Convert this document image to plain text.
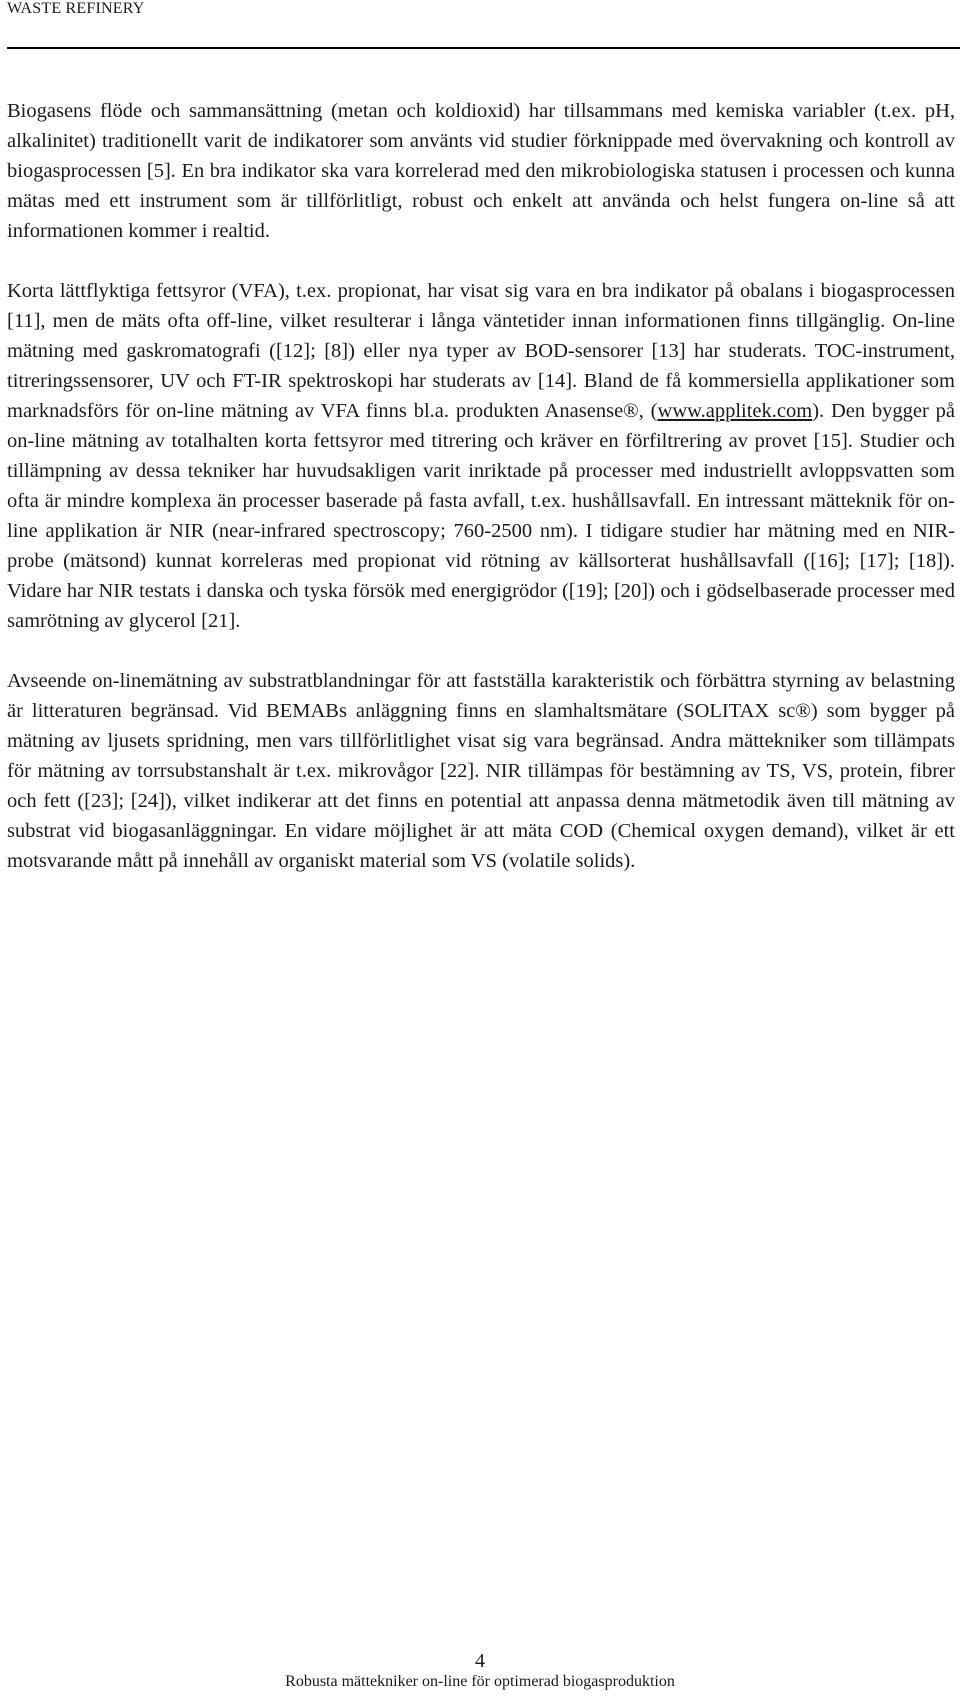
WASTE REFINERY

Biogasens flöde och sammansättning (metan och koldioxid) har tillsammans med kemiska variabler (t.ex. pH, alkalinitet) traditionellt varit de indikatorer som använts vid studier förknippade med övervakning och kontroll av biogasprocessen [5]. En bra indikator ska vara korrelerad med den mikrobiologiska statusen i processen och kunna mätas med ett instrument som är tillförlitligt, robust och enkelt att använda och helst fungera on-line så att informationen kommer i realtid.

Korta lättflyktiga fettsyror (VFA), t.ex. propionat, har visat sig vara en bra indikator på obalans i biogasprocessen [11], men de mäts ofta off-line, vilket resulterar i långa väntetider innan informationen finns tillgänglig. On-line mätning med gaskromatografi ([12]; [8]) eller nya typer av BOD-sensorer [13] har studerats. TOC-instrument, titreringssensorer, UV och FT-IR spektroskopi har studerats av [14]. Bland de få kommersiella applikationer som marknadsförs för on-line mätning av VFA finns bl.a. produkten Anasense®, (www.applitek.com). Den bygger på on-line mätning av totalhalten korta fettsyror med titrering och kräver en förfiltrering av provet [15]. Studier och tillämpning av dessa tekniker har huvudsakligen varit inriktade på processer med industriellt avloppsvatten som ofta är mindre komplexa än processer baserade på fasta avfall, t.ex. hushållsavfall. En intressant mätteknik för on-line applikation är NIR (near-infrared spectroscopy; 760-2500 nm). I tidigare studier har mätning med en NIR-probe (mätsond) kunnat korreleras med propionat vid rötning av källsorterat hushållsavfall ([16]; [17]; [18]). Vidare har NIR testats i danska och tyska försök med energigrödor ([19]; [20]) och i gödselbaserade processer med samrötning av glycerol [21].

Avseende on-linemätning av substratblandningar för att fastställa karakteristik och förbättra styrning av belastning är litteraturen begränsad. Vid BEMABs anläggning finns en slamhaltsmätare (SOLITAX sc®) som bygger på mätning av ljusets spridning, men vars tillförlitlighet visat sig vara begränsad. Andra mättekniker som tillämpats för mätning av torrsubstanshalt är t.ex. mikrovågor [22]. NIR tillämpas för bestämning av TS, VS, protein, fibrer och fett ([23]; [24]), vilket indikerar att det finns en potential att anpassa denna mätmetodik även till mätning av substrat vid biogasanläggningar. En vidare möjlighet är att mäta COD (Chemical oxygen demand), vilket är ett motsvarande mått på innehåll av organiskt material som VS (volatile solids).

4
Robusta mättekniker on-line för optimerad biogasproduktion
